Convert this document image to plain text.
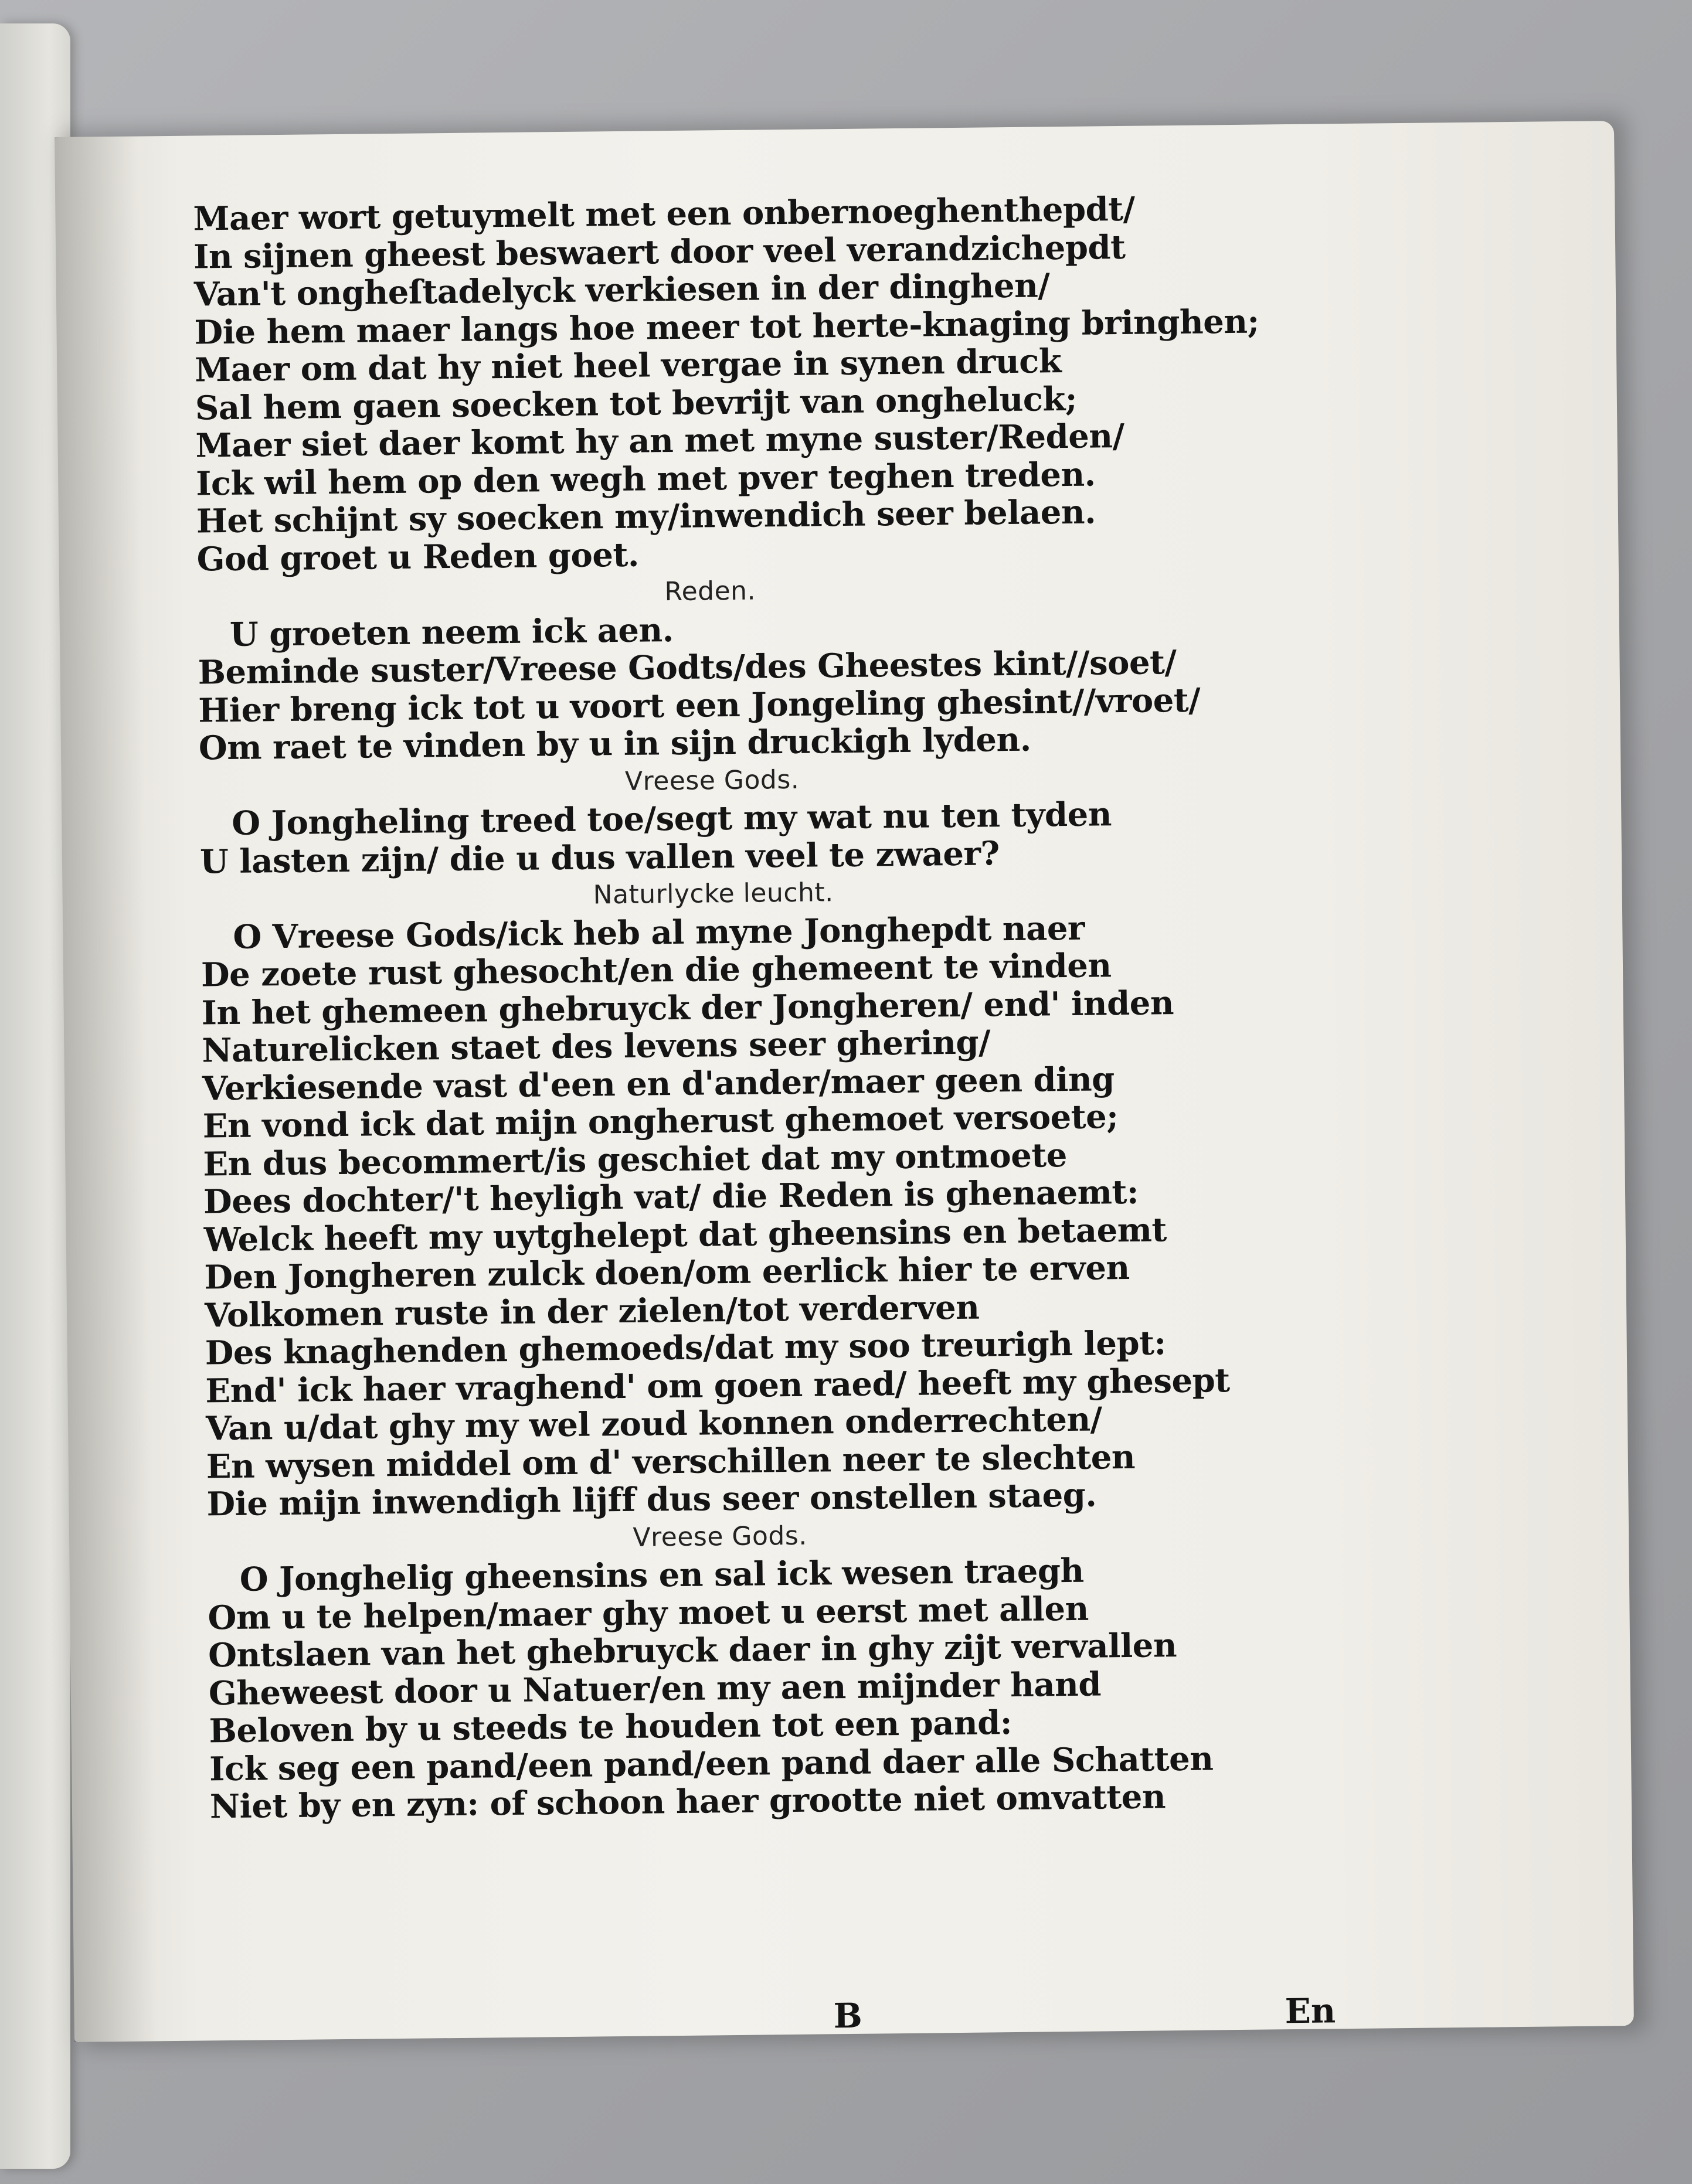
Maer wort getuymelt met een onbernoeghenthepdt/
In sijnen gheest beswaert door veel verandzichepdt
Van't ongheſtadelyck verkiesen in der dinghen/
Die hem maer langs hoe meer tot herte-knaging bringhen;
Maer om dat hy niet heel vergae in synen druck
Sal hem gaen soecken tot bevrijt van ongheluck;
Maer siet daer komt hy an met myne suster/Reden/
Ick wil hem op den wegh met pver teghen treden.
Het schijnt sy soecken my/inwendich seer belaen.
God groet u Reden goet.
Reden.
U groeten neem ick aen.
Beminde suster/Vreese Godts/des Gheestes kint//soet/
Hier breng ick tot u voort een Jongeling ghesint//vroet/
Om raet te vinden by u in sijn druckigh lyden.
Vreese Gods.
O Jongheling treed toe/segt my wat nu ten tyden
U lasten zijn/ die u dus vallen veel te zwaer?
Naturlycke leucht.
O Vreese Gods/ick heb al myne Jonghepdt naer
De zoete rust ghesocht/en die ghemeent te vinden
In het ghemeen ghebruyck der Jongheren/ end' inden
Naturelicken staet des levens seer ghering/
Verkiesende vast d'een en d'ander/maer geen ding
En vond ick dat mijn ongherust ghemoet versoete;
En dus becommert/is geschiet dat my ontmoete
Dees dochter/'t heyligh vat/ die Reden is ghenaemt:
Welck heeft my uytghelept dat gheensins en betaemt
Den Jongheren zulck doen/om eerlick hier te erven
Volkomen ruste in der zielen/tot verderven
Des knaghenden ghemoeds/dat my soo treurigh lept:
End' ick haer vraghend' om goen raed/ heeft my ghesept
Van u/dat ghy my wel zoud konnen onderrechten/
En wysen middel om d' verschillen neer te slechten
Die mijn inwendigh lijff dus seer onstellen staeg.
Vreese Gods.
O Jonghelig gheensins en sal ick wesen traegh
Om u te helpen/maer ghy moet u eerst met allen
Ontslaen van het ghebruyck daer in ghy zijt vervallen
Gheweest door u Natuer/en my aen mijnder hand
Beloven by u steeds te houden tot een pand:
Ick seg een pand/een pand/een pand daer alle Schatten
Niet by en zyn: of schoon haer grootte niet omvatten
B	En
